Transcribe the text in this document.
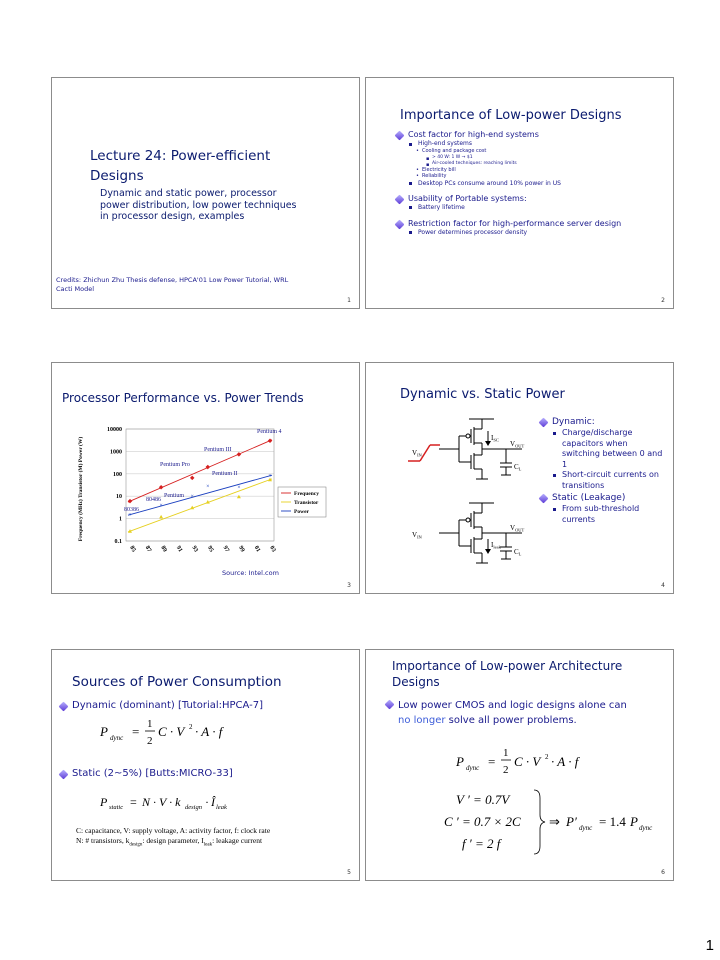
Lecture 24: Power-efficient
Designs
Dynamic and static power, processor power distribution, low power techniques in processor design, examples
Credits: Zhichun Zhu Thesis defense, HPCA'01 Low Power Tutorial, WRL
Cacti Model
1
Importance of Low-power Designs
Cost factor for high-end systems
High-end systems
• Cooling and package cost
▪ > 40 W: 1 W → $1
▪ Air-cooled techniques: reaching limits
• Electricity bill
• Reliability
Desktop PCs consume around 10% power in US
Usability of Portable systems:
Battery lifetime
Restriction factor for high-performance server design
Power determines processor density
2
Processor Performance vs. Power Trends
10000
1000
100
10
1
0.1
85 87 89 91 93 95 97 99 01 03
Frequency (MHz) Transistor (M) Power (W)	×
×
×
×	×
×
Pentium 4
Pentium III
Pentium Pro
Pentium II
Pentium
80486
80386
Frequency
Transistor
Power
Source: Intel.com
3
Dynamic vs. Static Power
$I_{SC}$
$V_{IN}$
$V_{OUT}$
$C_L$
$I_{leak}$
$V_{IN}$
$V_{OUT}$
$C_L$
Dynamic:
Charge/discharge capacitors when switching between 0 and 1
Short-circuit currents on transitions
Static (Leakage)
From sub-threshold currents
4
Sources of Power Consumption
Dynamic (dominant) [Tutorial:HPCA-7]
P dync = 1
2
C · V 2 · A · f
Static (2~5%) [Butts:MICRO-33]
P static = N · V · k design · Î leak
C: capacitance, V: supply voltage, A: activity factor, f: clock rate
N: # transistors, $k_{design}$: design parameter, $I_{leak}$: leakage current
5
Importance of Low-power Architecture
Designs
Low power CMOS and logic designs alone can no longer solve all power problems.
P dync =
1
2
C · V 2 · A · f
V ′ = 0.7V
C ′ = 0.7 × 2C
f ′ = 2 f
⇒ P′ dync = 1.4 P dync
6
1
